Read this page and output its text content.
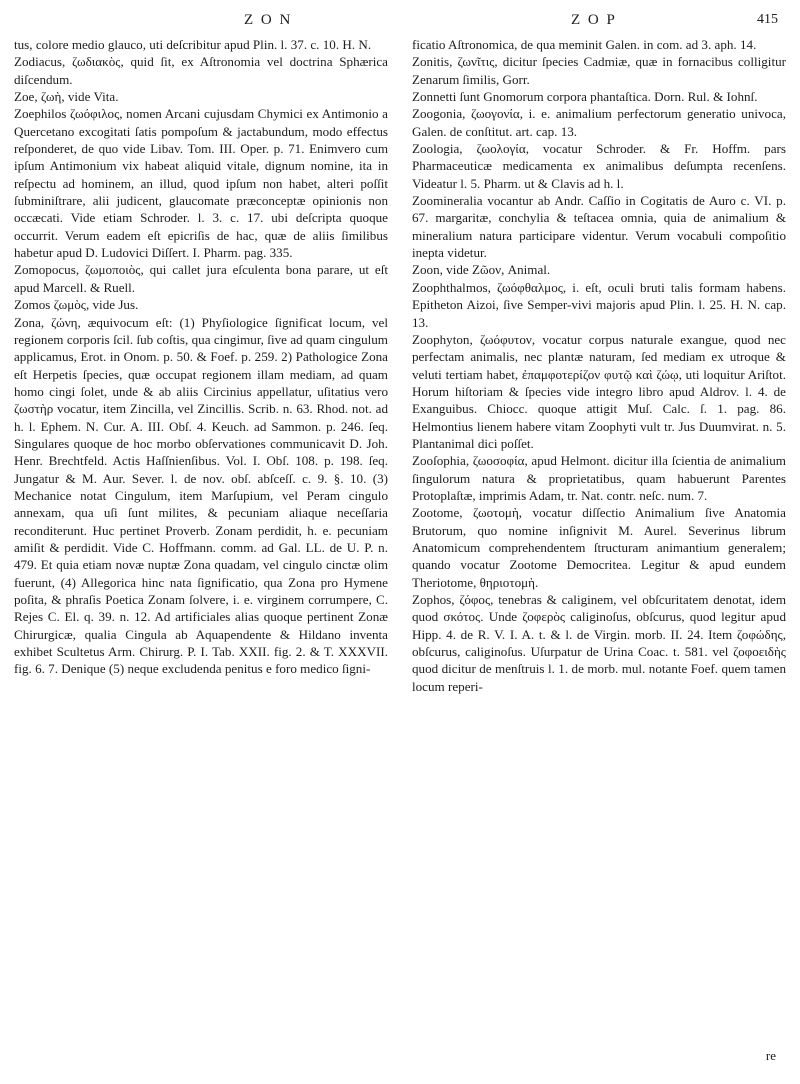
Z O N	Z O P	415

tus, colore medio glauco, uti deſcribitur apud Plin. l. 37. c. 10. H. N.

Zodiacus, ζωδιακὸς, quid ſit, ex Aſtronomia vel doctrina Sphærica diſcendum.

Zoe, ζωὴ, vide Vita.

Zoephilos ζωόφιλος, nomen Arcani cujusdam Chymici ex Antimonio a Quercetano excogitati ſatis pompoſum & jactabundum, modo effectus reſponderet, de quo vide Libav. Tom. III. Oper. p. 71. Enimvero cum ipſum Antimonium vix habeat aliquid vitale, dignum nomine, ita in reſpectu ad hominem, an illud, quod ipſum non habet, alteri poſſit ſubminiſtrare, alii judicent, glaucomate præconceptæ opinionis non occæcati. Vide etiam Schroder. l. 3. c. 17. ubi deſcripta quoque occurrit. Verum eadem eſt epicriſis de hac, quæ de aliis ſimilibus habetur apud D. Ludovici Diſſert. I. Pharm. pag. 335.

Zomopocus, ζωμοποιὸς, qui callet jura eſculenta bona parare, ut eſt apud Marcell. & Ruell.

Zomos ζωμὸς, vide Jus.

Zona, ζώνη, æquivocum eſt: (1) Phyſiologice ſignificat locum, vel regionem corporis ſcil. ſub coſtis, qua cingimur, ſive ad quam cingulum applicamus, Erot. in Onom. p. 50. & Foef. p. 259. 2) Pathologice Zona eſt Herpetis ſpecies, quæ occupat regionem illam mediam, ad quam homo cingi ſolet, unde & ab aliis Circinius appellatur, uſitatius vero ζωστὴρ vocatur, item Zincilla, vel Zincillis. Scrib. n. 63. Rhod. not. ad h. l. Ephem. N. Cur. A. III. Obſ. 4. Keuch. ad Sammon. p. 246. ſeq. Singulares quoque de hoc morbo obſervationes communicavit D. Joh. Henr. Brechtfeld. Actis Haſſnienſibus. Vol. I. Obſ. 108. p. 198. ſeq. Jungatur & M. Aur. Sever. l. de nov. obſ. abſceſſ. c. 9. §. 10. (3) Mechanice notat Cingulum, item Marſupium, vel Peram cingulo annexam, qua uſi ſunt milites, & pecuniam aliaque neceſſaria reconditerunt. Huc pertinet Proverb. Zonam perdidit, h. e. pecuniam amiſit & perdidit. Vide C. Hoffmann. comm. ad Gal. LL. de U. P. n. 479. Et quia etiam novæ nuptæ Zona quadam, vel cingulo cinctæ olim fuerunt, (4) Allegorica hinc nata ſignificatio, qua Zona pro Hymene poſita, & phraſis Poetica Zonam ſolvere, i. e. virginem corrumpere, C. Rejes C. El. q. 39. n. 12. Ad artificiales alias quoque pertinent Zonæ Chirurgicæ, qualia Cingula ab Aquapendente & Hildano inventa exhibet Scultetus Arm. Chirurg. P. I. Tab. XXII. fig. 2. & T. XXXVII. fig. 6. 7. Denique (5) neque excludenda penitus e foro medico ſigni-

ficatio Aſtronomica, de qua meminit Galen. in com. ad 3. aph. 14.

Zonitis, ζωνῖτις, dicitur ſpecies Cadmiæ, quæ in fornacibus colligitur Zenarum ſimilis, Gorr.

Zonnetti ſunt Gnomorum corpora phantaſtica. Dorn. Rul. & Iohnſ.

Zoogonia, ζωογονία, i. e. animalium perfectorum generatio univoca, Galen. de conſtitut. art. cap. 13.

Zoologia, ζωολογία, vocatur Schroder. & Fr. Hoffm. pars Pharmaceuticæ medicamenta ex animalibus deſumpta recenſens. Videatur l. 5. Pharm. ut & Clavis ad h. l.

Zoomineralia vocantur ab Andr. Caſſio in Cogitatis de Auro c. VI. p. 67. margaritæ, conchylia & teſtacea omnia, quia de animalium & mineralium natura participare videntur. Verum vocabuli compoſitio inepta videtur.

Zoon, vide Ζῶον, Animal.

Zoophthalmos, ζωόφθαλμος, i. eſt, oculi bruti talis formam habens. Epitheton Aizoi, ſive Semper-vivi majoris apud Plin. l. 25. H. N. cap. 13.

Zoophyton, ζωόφυτον, vocatur corpus naturale exangue, quod nec perfectam animalis, nec plantæ naturam, ſed mediam ex utroque & veluti tertiam habet, ἐπαμφοτερίζον φυτῷ καὶ ζώῳ, uti loquitur Ariſtot. Horum hiſtoriam & ſpecies vide integro libro apud Aldrov. l. 4. de Exanguibus. Chiocc. quoque attigit Muſ. Calc. ſ. 1. pag. 86. Helmontius lienem habere vitam Zoophyti vult tr. Jus Duumvirat. n. 5. Plantanimal dici poſſet.

Zooſophia, ζωοσοφία, apud Helmont. dicitur illa ſcientia de animalium ſingulorum natura & proprietatibus, quam habuerunt Parentes Protoplaſtæ, imprimis Adam, tr. Nat. contr. neſc. num. 7.

Zootome, ζωοτομὴ, vocatur diſſectio Animalium ſive Anatomia Brutorum, quo nomine inſignivit M. Aurel. Severinus librum Anatomicum comprehendentem ſtructuram animantium generalem; quando vocatur Zootome Democritea. Legitur & apud eundem Theriotome, θηριοτομὴ.

Zophos, ζόφος, tenebras & caliginem, vel obſcuritatem denotat, idem quod σκότος. Unde ζοφερὸς caliginoſus, obſcurus, quod legitur apud Hipp. 4. de R. V. I. A. t. & l. de Virgin. morb. II. 24. Item ζοφώδης, obſcurus, caliginoſus. Uſurpatur de Urina Coac. t. 581. vel ζοφοειδὴς quod dicitur de menſtruis l. 1. de morb. mul. notante Foef. quem tamen locum reperi-

re
